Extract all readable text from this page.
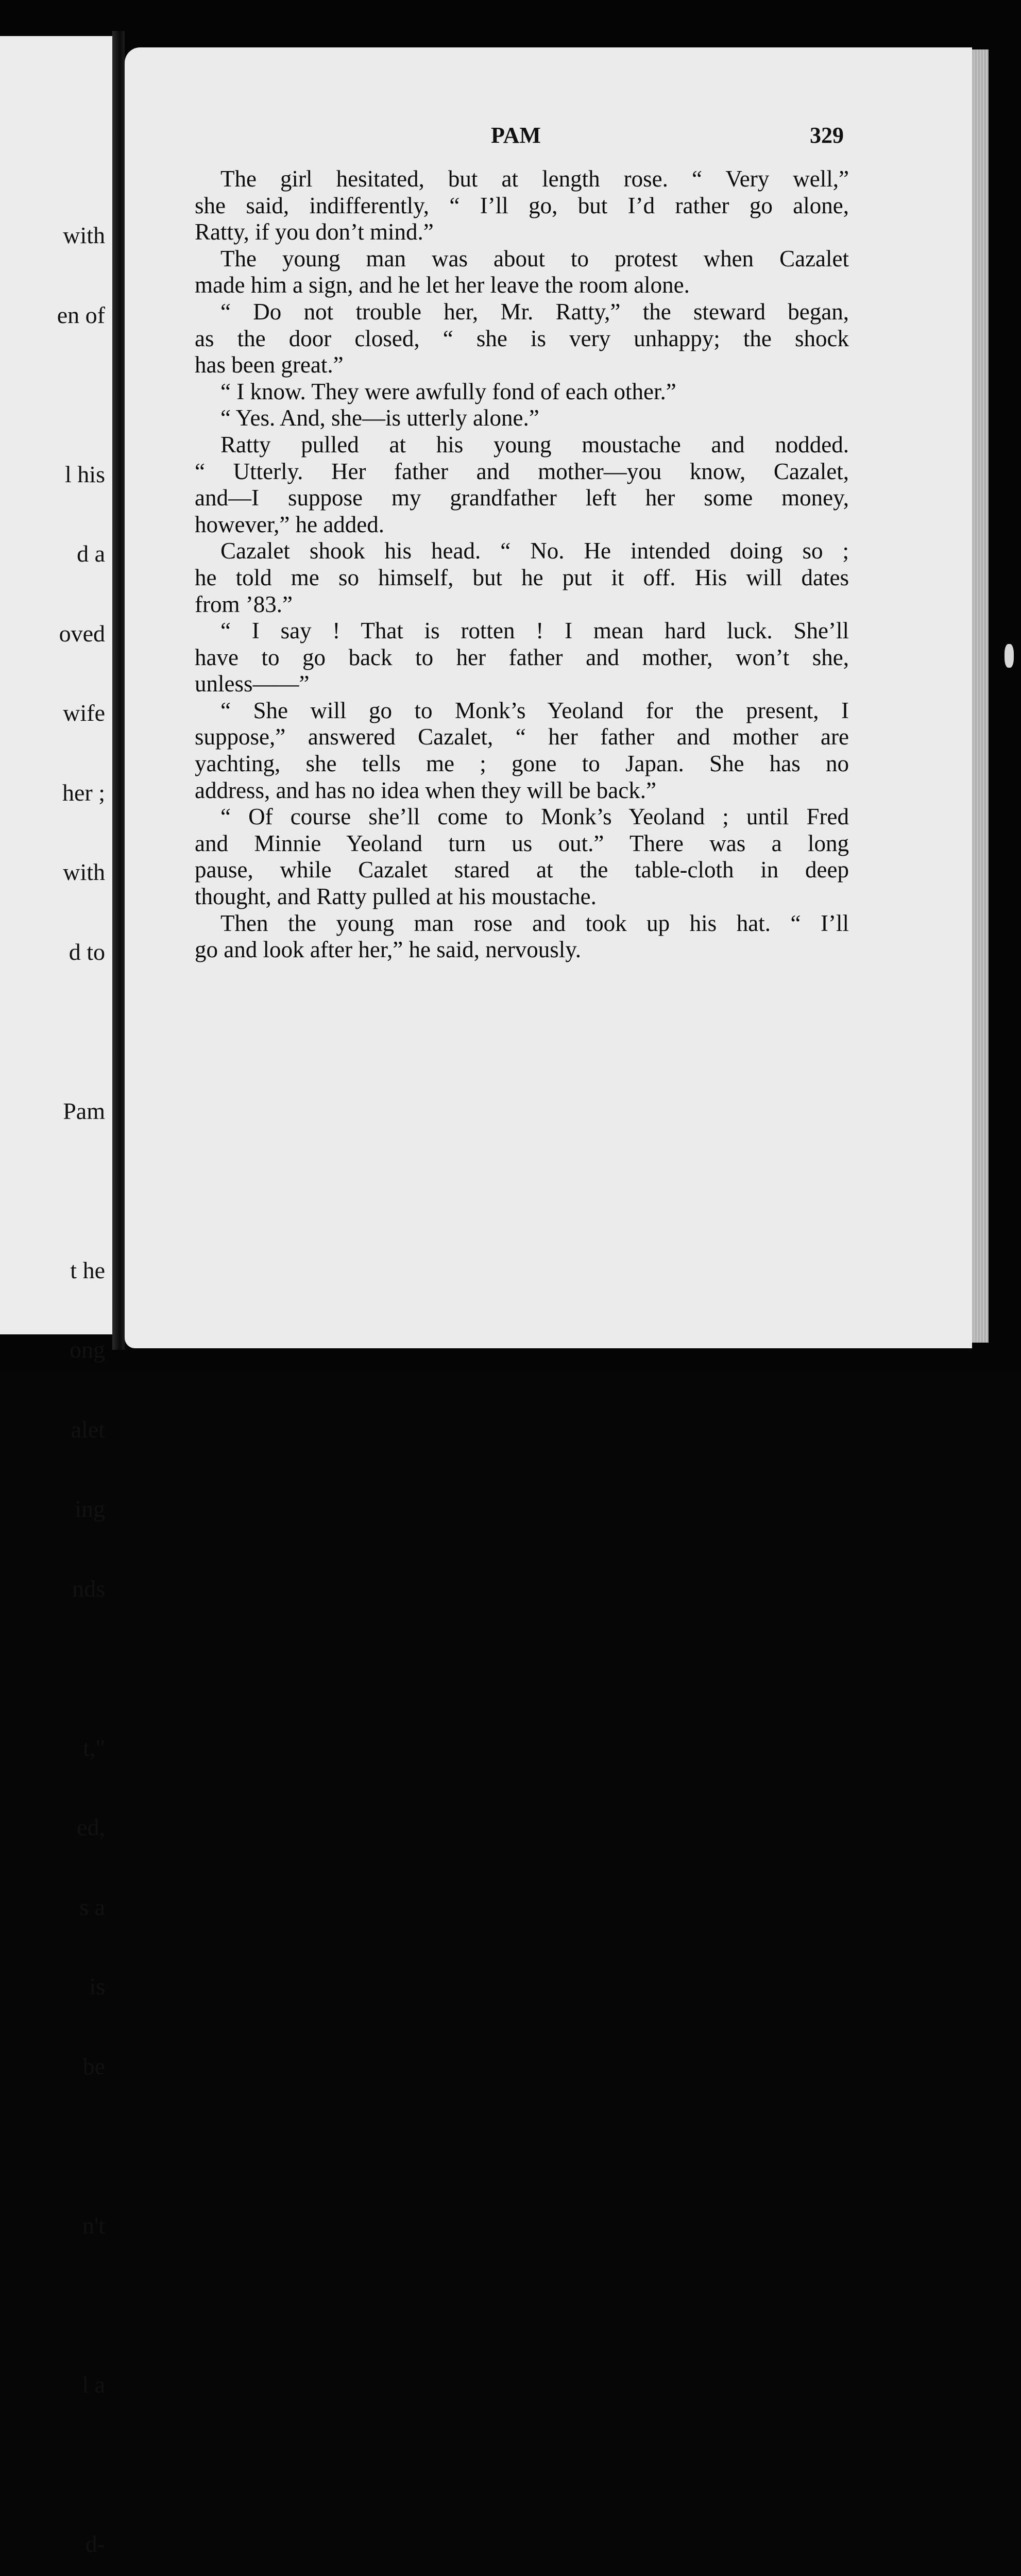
with

en of

l his

d a

oved

wife

her ;

with

d to

Pam

t he

ong

alet

ing

nds

t,"

ed,

s a

is

be

n't

l a

d-

PAM	329
The girl hesitated, but at length rose. “ Very well,”
she said, indifferently, “ I’ll go, but I’d rather go alone,
Ratty, if you don’t mind.”
The young man was about to protest when Cazalet
made him a sign, and he let her leave the room alone.
“ Do not trouble her, Mr. Ratty,” the steward began,
as the door closed, “ she is very unhappy; the shock
has been great.”
“ I know. They were awfully fond of each other.”
“ Yes. And, she—is utterly alone.”
Ratty pulled at his young moustache and nodded.
“ Utterly. Her father and mother—you know, Cazalet,
and—I suppose my grandfather left her some money,
however,” he added.
Cazalet shook his head. “ No. He intended doing so ;
he told me so himself, but he put it off. His will dates
from ’83.”
“ I say ! That is rotten ! I mean hard luck. She’ll
have to go back to her father and mother, won’t she,
unless——”
“ She will go to Monk’s Yeoland for the present, I
suppose,” answered Cazalet, “ her father and mother are
yachting, she tells me ; gone to Japan. She has no
address, and has no idea when they will be back.”
“ Of course she’ll come to Monk’s Yeoland ; until Fred
and Minnie Yeoland turn us out.” There was a long
pause, while Cazalet stared at the table-cloth in deep
thought, and Ratty pulled at his moustache.
Then the young man rose and took up his hat. “ I’ll
go and look after her,” he said, nervously.
